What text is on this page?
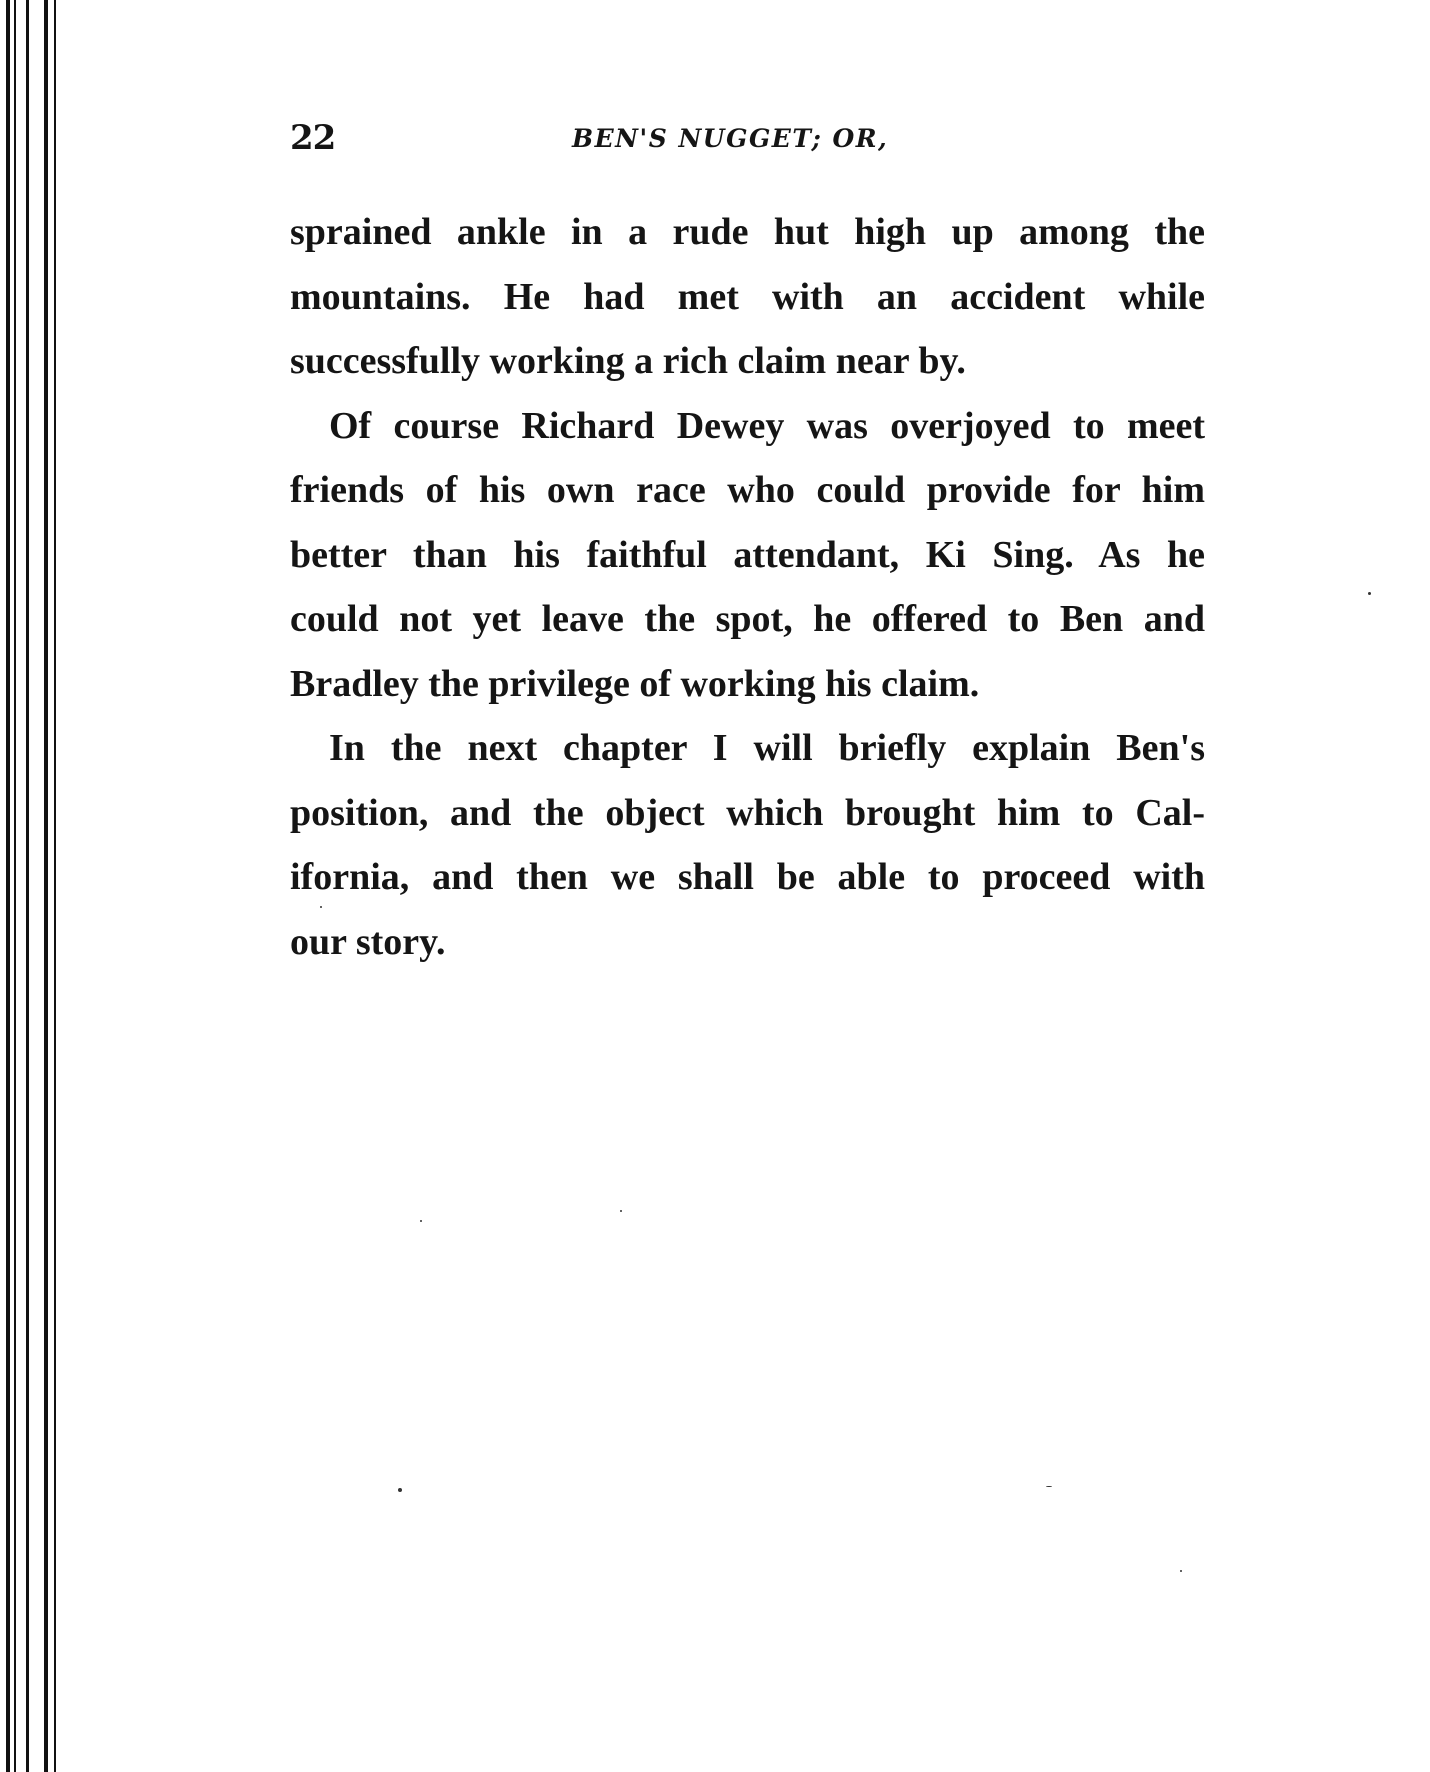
22	BEN'S NUGGET; OR,

sprained ankle in a rude hut high up among the
mountains. He had met with an accident while
successfully working a rich claim near by.

Of course Richard Dewey was overjoyed to meet
friends of his own race who could provide for him
better than his faithful attendant, Ki Sing. As he
could not yet leave the spot, he offered to Ben and
Bradley the privilege of working his claim.

In the next chapter I will briefly explain Ben's
position, and the object which brought him to Cal-
ifornia, and then we shall be able to proceed with
our story.
